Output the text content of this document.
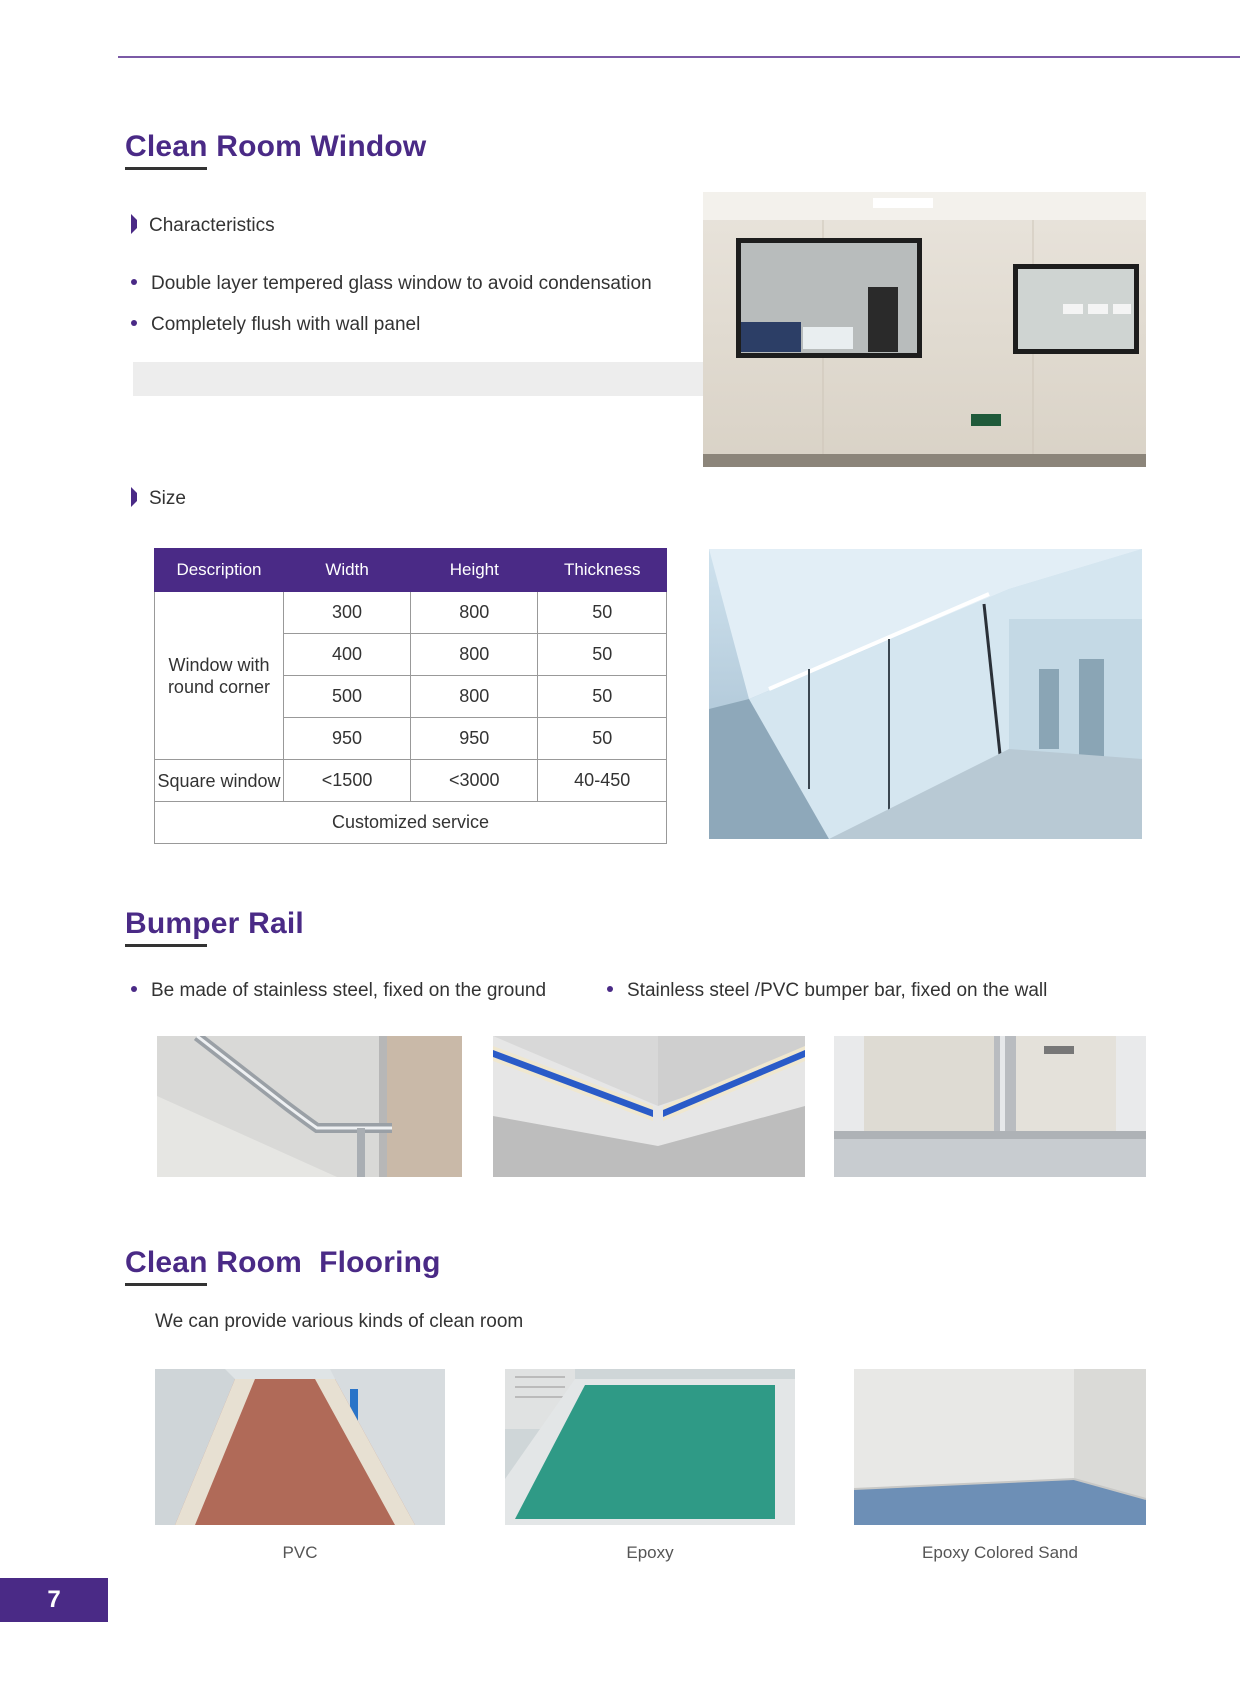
Clean Room Window
Characteristics
Double layer tempered glass window to avoid condensation
Completely flush with wall panel
Size
Description	Width	Height	Thickness
Window with round corner	300	800	50
	400	800	50
	500	800	50
	950	950	50
Square window	<1500	<3000	40-450
Customized service			
Bumper Rail
Be made of stainless steel, fixed on the ground	Stainless steel /PVC bumper bar, fixed on the wall
Clean Room  Flooring
We can provide various kinds of clean room
PVC	Epoxy	Epoxy Colored Sand
7
